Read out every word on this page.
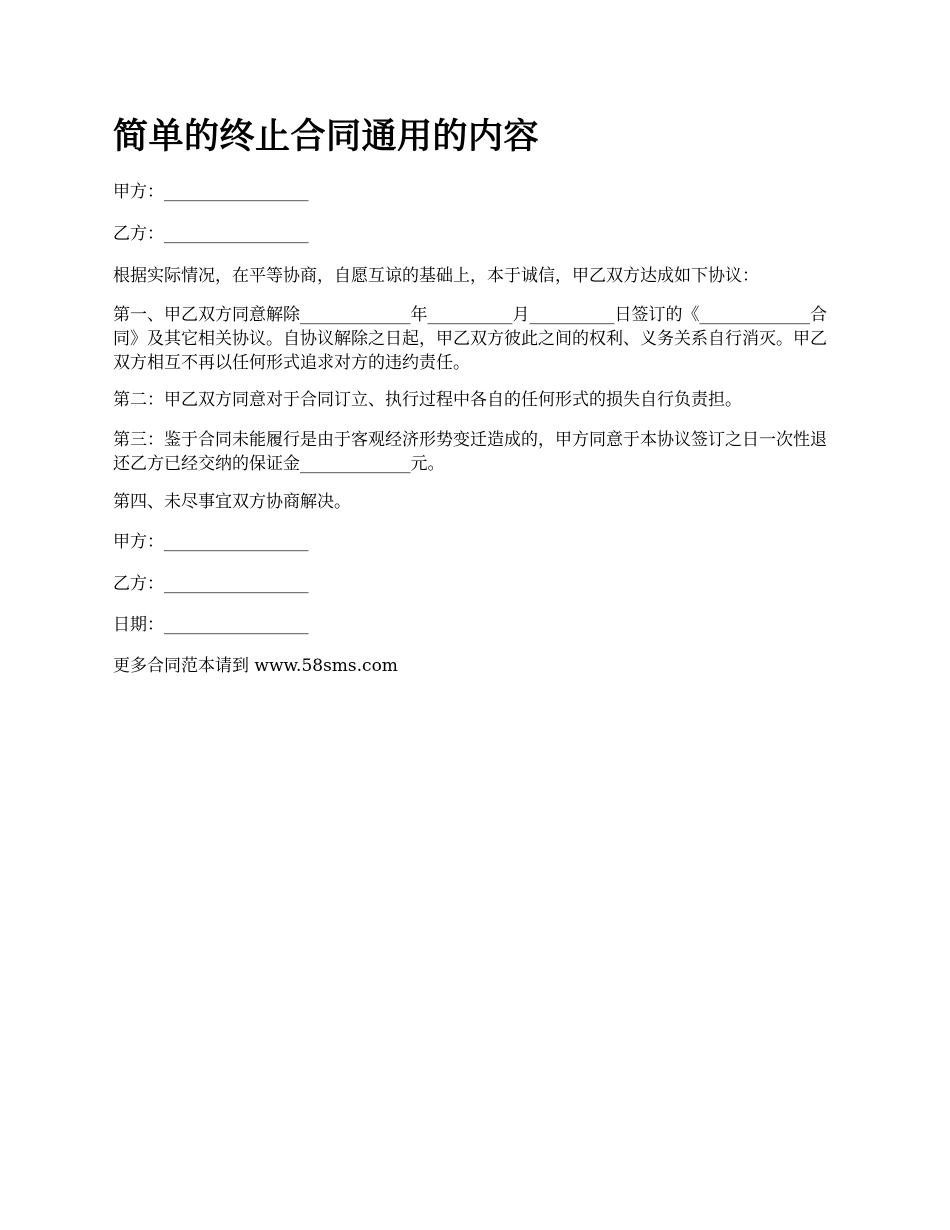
简单的终止合同通用的内容

甲方：_________________

乙方：_________________

根据实际情况，在平等协商，自愿互谅的基础上，本于诚信，甲乙双方达成如下协议：

第一、甲乙双方同意解除_____________年__________月__________日签订的《_____________合同》及其它相关协议。自协议解除之日起，甲乙双方彼此之间的权利、义务关系自行消灭。甲乙双方相互不再以任何形式追求对方的违约责任。

第二：甲乙双方同意对于合同订立、执行过程中各自的任何形式的损失自行负责担。

第三：鉴于合同未能履行是由于客观经济形势变迁造成的，甲方同意于本协议签订之日一次性退还乙方已经交纳的保证金_____________元。

第四、未尽事宜双方协商解决。

甲方：_________________

乙方：_________________

日期：_________________

更多合同范本请到 www.58sms.com
